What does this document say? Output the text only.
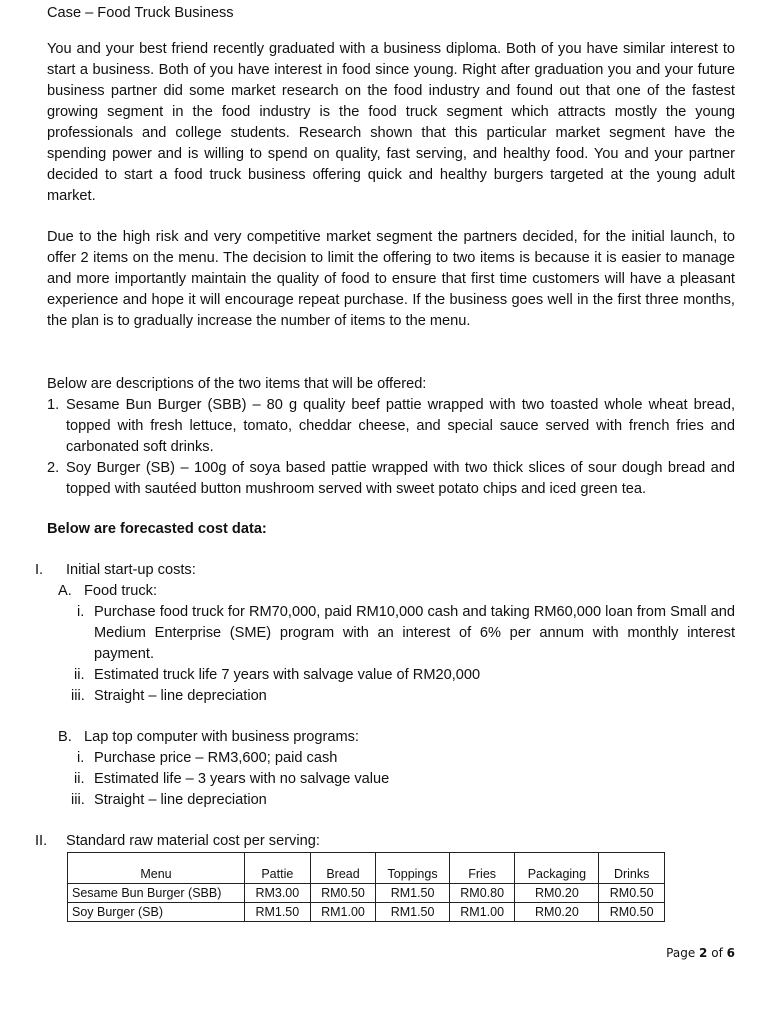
Case – Food Truck Business
You and your best friend recently graduated with a business diploma. Both of you have similar interest to start a business. Both of you have interest in food since young. Right after graduation you and your future business partner did some market research on the food industry and found out that one of the fastest growing segment in the food industry is the food truck segment which attracts mostly the young professionals and college students. Research shown that this particular market segment have the spending power and is willing to spend on quality, fast serving, and healthy food. You and your partner decided to start a food truck business offering quick and healthy burgers targeted at the young adult market.
Due to the high risk and very competitive market segment the partners decided, for the initial launch, to offer 2 items on the menu. The decision to limit the offering to two items is because it is easier to manage and more importantly maintain the quality of food to ensure that first time customers will have a pleasant experience and hope it will encourage repeat purchase. If the business goes well in the first three months, the plan is to gradually increase the number of items to the menu.
Below are descriptions of the two items that will be offered:
1. Sesame Bun Burger (SBB) – 80 g quality beef pattie wrapped with two toasted whole wheat bread, topped with fresh lettuce, tomato, cheddar cheese, and special sauce served with french fries and carbonated soft drinks.
2. Soy Burger (SB) – 100g of soya based pattie wrapped with two thick slices of sour dough bread and topped with sautéed button mushroom served with sweet potato chips and iced green tea.
Below are forecasted cost data:
I. Initial start-up costs:
A. Food truck:
i. Purchase food truck for RM70,000, paid RM10,000 cash and taking RM60,000 loan from Small and Medium Enterprise (SME) program with an interest of 6% per annum with monthly interest payment.
ii. Estimated truck life 7 years with salvage value of RM20,000
iii. Straight – line depreciation
B. Lap top computer with business programs:
i. Purchase price – RM3,600; paid cash
ii. Estimated life – 3 years with no salvage value
iii. Straight – line depreciation
II. Standard raw material cost per serving:
Menu	Pattie	Bread	Toppings	Fries	Packaging	Drinks
Sesame Bun Burger (SBB)	RM3.00	RM0.50	RM1.50	RM0.80	RM0.20	RM0.50
Soy Burger (SB)	RM1.50	RM1.00	RM1.50	RM1.00	RM0.20	RM0.50
Page 2 of 6
